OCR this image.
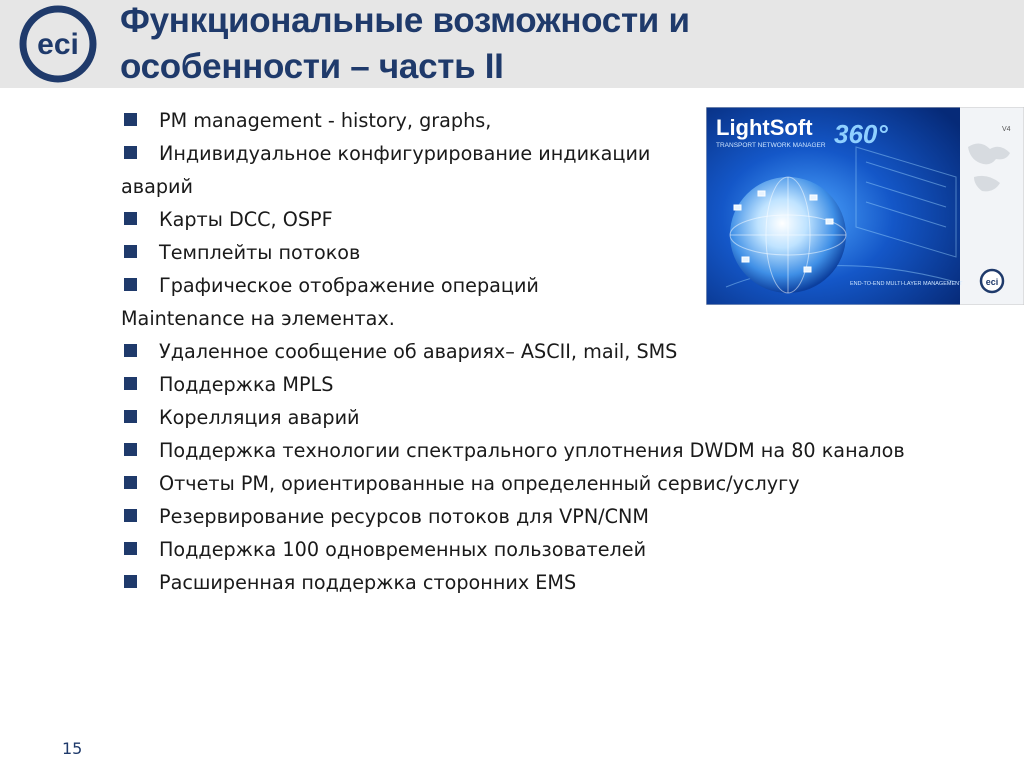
eci
Функциональные возможности и
особенности – часть II
PM management - history, graphs,
Индивидуальное конфигурирование индикации
аварий
Карты DCC, OSPF
Темплейты потоков
Графическое отображение операций
Maintenance на элементах.
Удаленное сообщение об авариях– ASCII, mail, SMS
Поддержка MPLS
Корелляция аварий
Поддержка технологии спектрального уплотнения DWDM на 80 каналов
Отчеты PM, ориентированные на определенный сервис/услугу
Резервирование ресурсов потоков для VPN/CNM
Поддержка 100 одновременных пользователей
Расширенная поддержка сторонних EMS
LightSoft 360°
TRANSPORT NETWORK MANAGER
V4
END-TO-END MULTI-LAYER MANAGEMENT	eci
15
